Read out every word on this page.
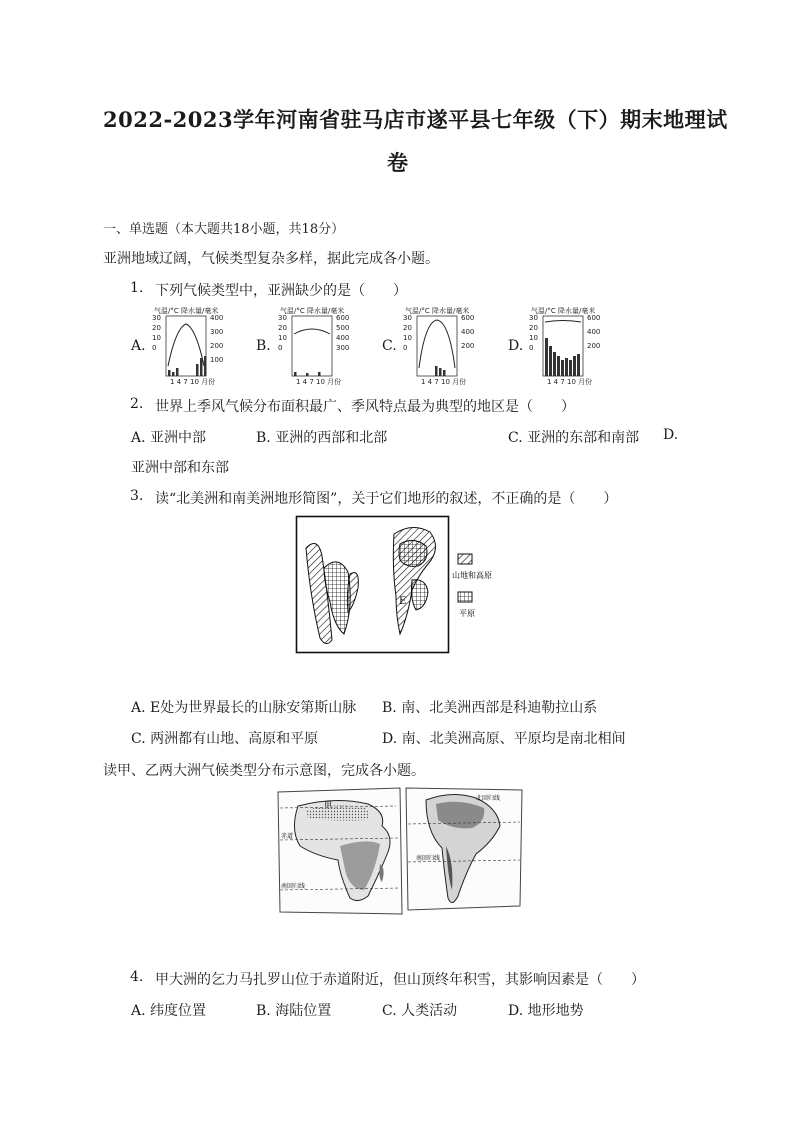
2022-2023学年河南省驻马店市遂平县七年级（下）期末地理试
卷
一、单选题（本大题共18小题，共18分）
亚洲地域辽阔，气候类型复杂多样，据此完成各小题。
1. 下列气候类型中，亚洲缺少的是（　　）
A.	B.	C.	D.
气温/°C 降水量/毫米
30
20
10
0
400
300
200
100
1 4 7 10 月份
气温/°C 降水量/毫米
30
20
10
0
600
500
400
300
1 4 7 10 月份
气温/°C 降水量/毫米
30
20
10
0
600
400
200
1 4 7 10 月份
气温/°C 降水量/毫米
30
20
10
0
600
400
200
1 4 7 10 月份
2. 世界上季风气候分布面积最广、季风特点最为典型的地区是（　　）
A. 亚洲中部	B. 亚洲的西部和北部	C. 亚洲的东部和南部 D.
亚洲中部和东部
3. 读“北美洲和南美洲地形简图”，关于它们地形的叙述，不正确的是（　　）
E
山地和高原
平原
A. E处为世界最长的山脉安第斯山脉 B. 南、北美洲西部是科迪勒拉山系
C. 两洲都有山地、高原和平原	D. 南、北美洲高原、平原均是南北相间
读甲、乙两大洲气候类型分布示意图，完成各小题。
甲
赤道
南回归线
北回归线
南回归线
4. 甲大洲的乞力马扎罗山位于赤道附近，但山顶终年积雪，其影响因素是（　　）
A. 纬度位置	B. 海陆位置	C. 人类活动	D. 地形地势
